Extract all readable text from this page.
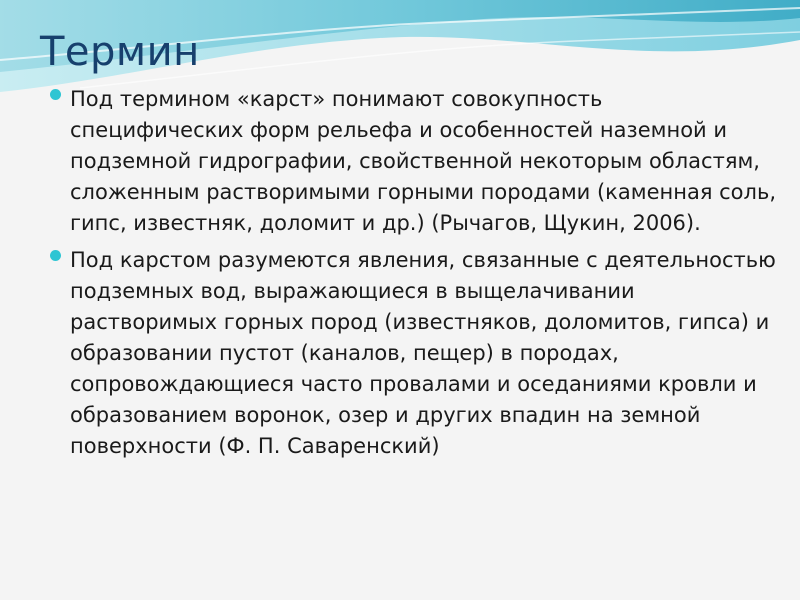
Термин
Под термином «карст» понимают совокупность специфических форм рельефа и особенностей наземной и подземной гидрографии, свойственной некоторым областям, сложенным растворимыми горными породами (каменная соль, гипс, известняк, доломит и др.) (Рычагов, Щукин, 2006).
Под карстом разумеются явления, связанные с деятельностью подземных вод, выражающиеся в выщелачивании растворимых горных пород (известняков, доломитов, гипса) и образовании пустот (каналов, пещер) в породах, сопровождающиеся часто провалами и оседаниями кровли и образованием воронок, озер и других впадин на земной поверхности (Ф. П. Саваренский)
